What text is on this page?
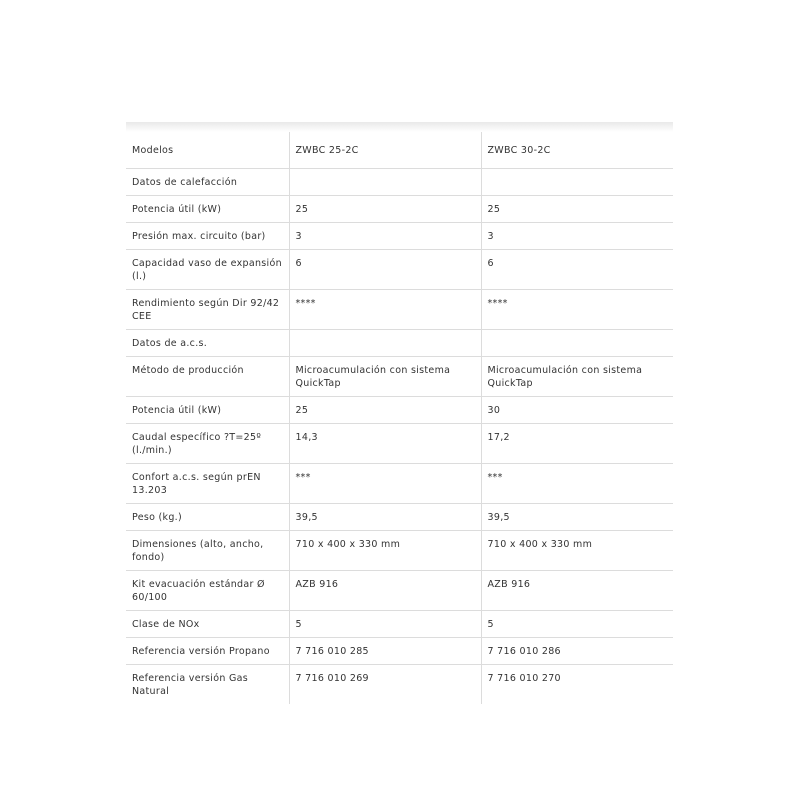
Modelos	ZWBC 25-2C	ZWBC 30-2C
Datos de calefacción		
Potencia útil (kW)	25	25
Presión max. circuito (bar)	3	3
Capacidad vaso de expansión (l.)	6	6
Rendimiento según Dir 92/42 CEE	****	****
Datos de a.c.s.		
Método de producción	Microacumulación con sistema QuickTap	Microacumulación con sistema QuickTap
Potencia útil (kW)	25	30
Caudal específico ?T=25º (l./min.)	14,3	17,2
Confort a.c.s. según prEN 13.203	***	***
Peso (kg.)	39,5	39,5
Dimensiones (alto, ancho, fondo)	710 x 400 x 330 mm	710 x 400 x 330 mm
Kit evacuación estándar Ø 60/100	AZB 916	AZB 916
Clase de NOx	5	5
Referencia versión Propano	7 716 010 285	7 716 010 286
Referencia versión Gas Natural	7 716 010 269	7 716 010 270
